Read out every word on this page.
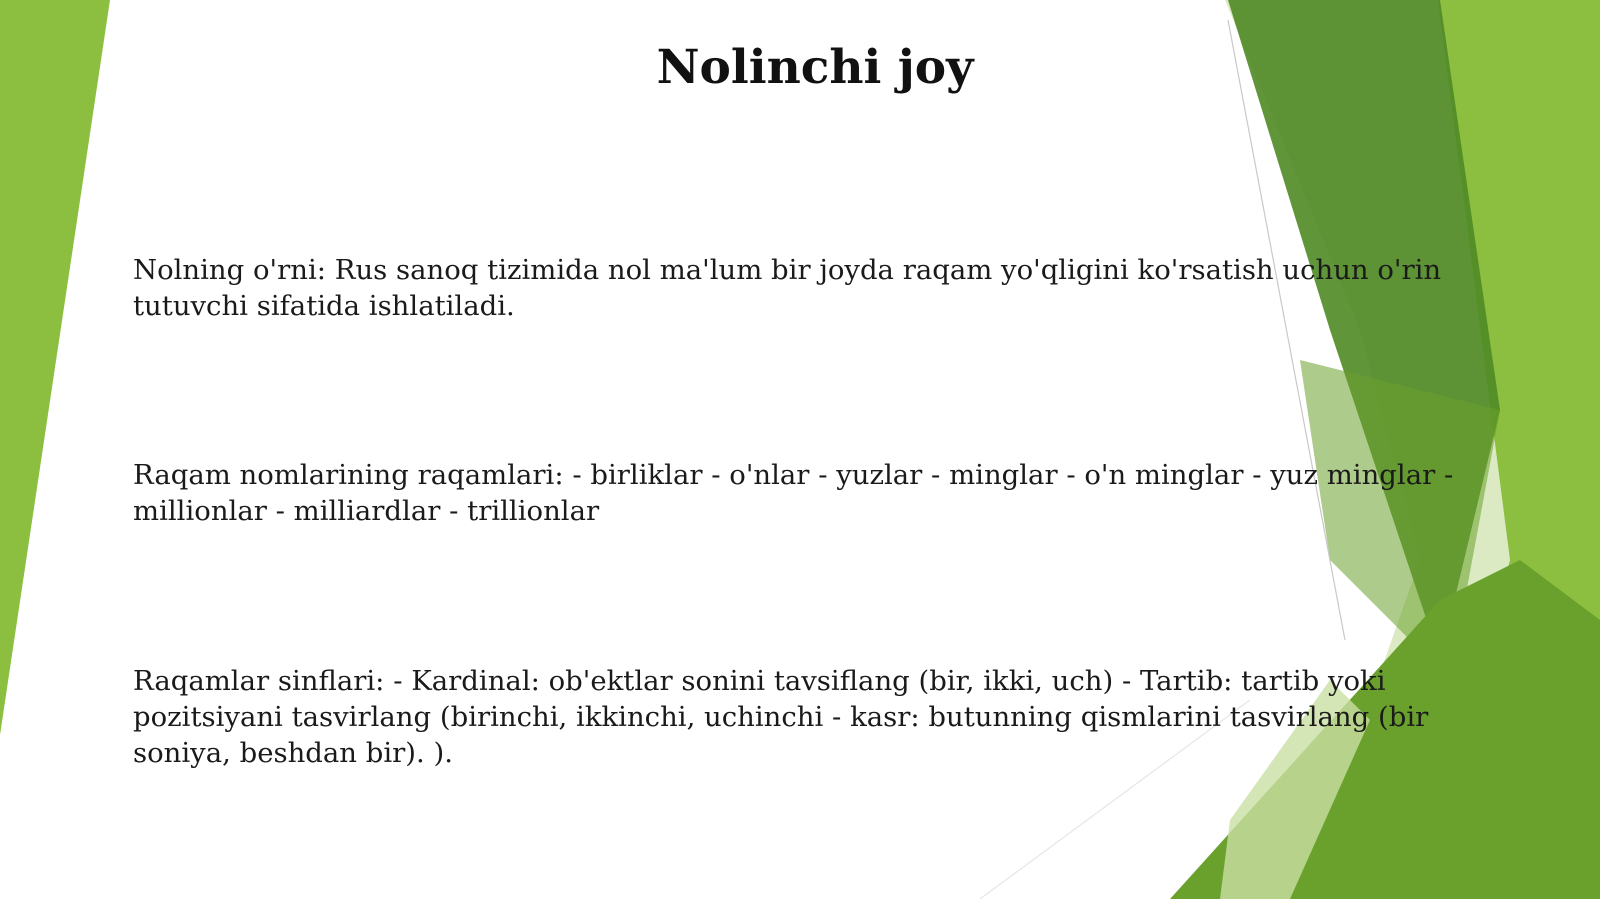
Nolinchi joy
Nolning o'rni: Rus sanoq tizimida nol ma'lum bir joyda raqam yo'qligini ko'rsatish uchun o'rin tutuvchi sifatida ishlatiladi.
Raqam nomlarining raqamlari: - birliklar - o'nlar - yuzlar - minglar - o'n minglar - yuz minglar - millionlar - milliardlar - trillionlar
Raqamlar sinflari: - Kardinal: ob'ektlar sonini tavsiflang (bir, ikki, uch) - Tartib: tartib yoki pozitsiyani tasvirlang (birinchi, ikkinchi, uchinchi - kasr: butunning qismlarini tasvirlang (bir soniya, beshdan bir). ).
